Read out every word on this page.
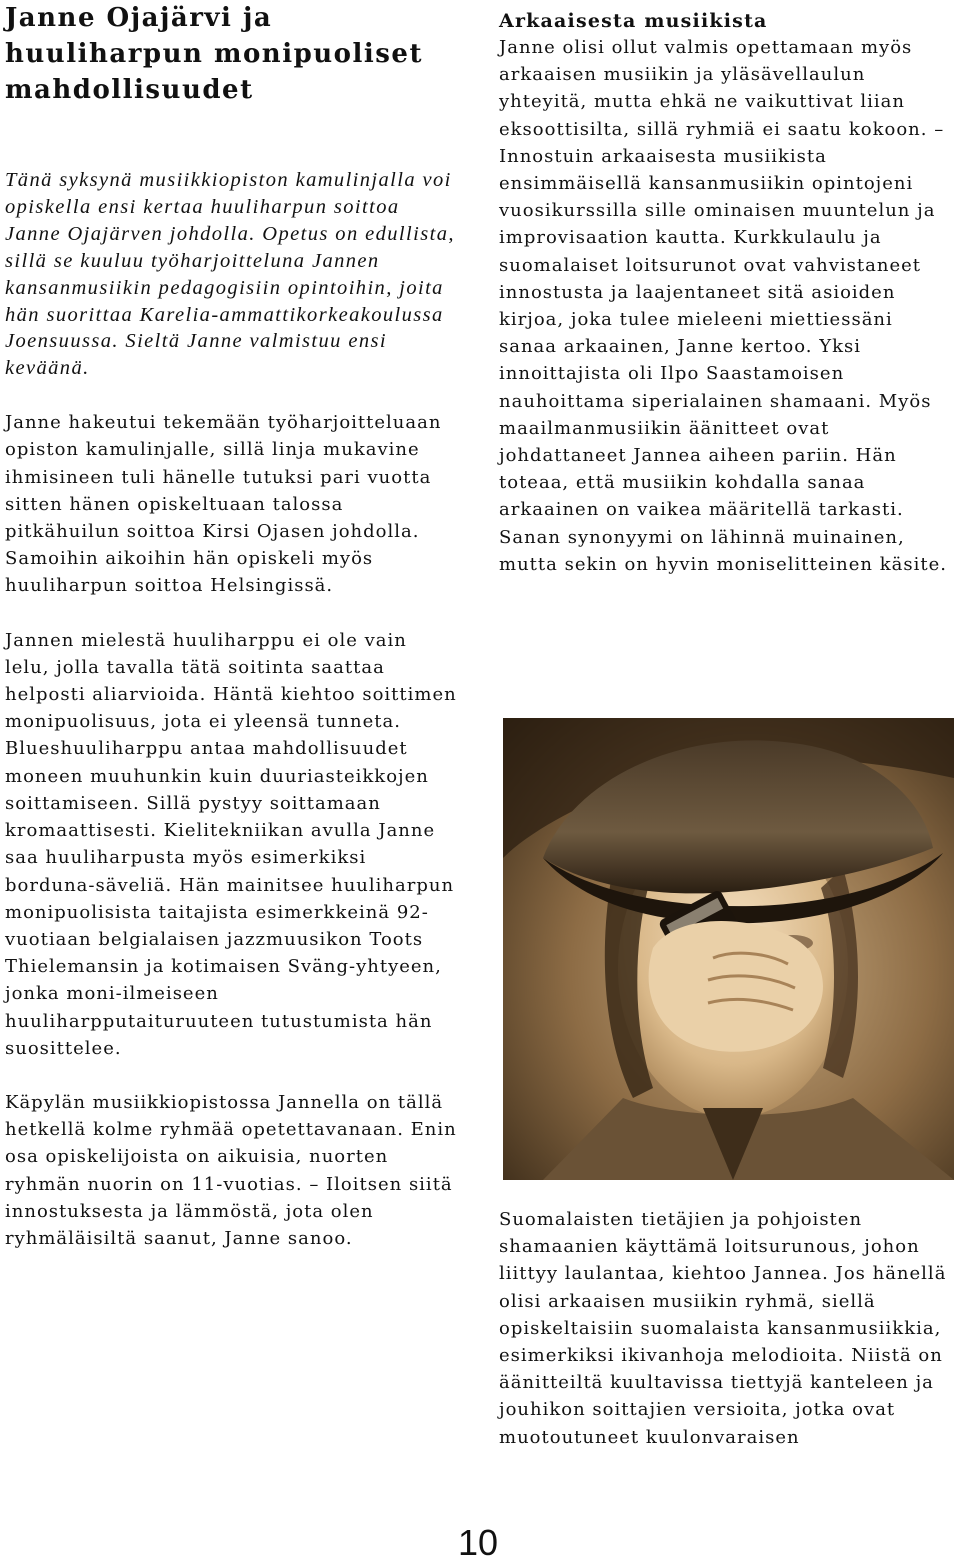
Janne Ojajärvi ja huuliharpun monipuoliset mahdollisuudet

Tänä syksynä musiikkiopiston kamulinjalla voi opiskella ensi kertaa huuliharpun soittoa Janne Ojajärven johdolla. Opetus on edullista, sillä se kuuluu työharjoitteluna Jannen kansanmusiikin pedagogisiin opintoihin, joita hän suorittaa Karelia-ammattikorkeakoulussa Joensuussa. Sieltä Janne valmistuu ensi keväänä.

Janne hakeutui tekemään työharjoitteluaan opiston kamulinjalle, sillä linja mukavine ihmisineen tuli hänelle tutuksi pari vuotta sitten hänen opiskeltuaan talossa pitkähuilun soittoa Kirsi Ojasen johdolla. Samoihin aikoihin hän opiskeli myös huuliharpun soittoa Helsingissä.

Jannen mielestä huuliharppu ei ole vain lelu, jolla tavalla tätä soitinta saattaa helposti aliarvioida. Häntä kiehtoo soittimen monipuolisuus, jota ei yleensä tunneta. Blueshuuliharppu antaa mahdollisuudet moneen muuhunkin kuin duuriasteikkojen soittamiseen. Sillä pystyy soittamaan kromaattisesti. Kielitekniikan avulla Janne saa huuliharpusta myös esimerkiksi borduna-säveliä. Hän mainitsee huuliharpun monipuolisista taitajista esimerkkeinä 92-vuotiaan belgialaisen jazzmuusikon Toots Thielemansin ja kotimaisen Sväng-yhtyeen, jonka moni-ilmeiseen huuliharpputaituruuteen tutustumista hän suosittelee.

Käpylän musiikkiopistossa Jannella on tällä hetkellä kolme ryhmää opetettavanaan. Enin osa opiskelijoista on aikuisia, nuorten ryhmän nuorin on 11-vuotias. – Iloitsen siitä innostuksesta ja lämmöstä, jota olen ryhmäläisiltä saanut, Janne sanoo.

Arkaaisesta musiikista

Janne olisi ollut valmis opettamaan myös arkaaisen musiikin ja yläsävellaulun yhteyitä, mutta ehkä ne vaikuttivat liian eksoottisilta, sillä ryhmiä ei saatu kokoon. – Innostuin arkaaisesta musiikista ensimmäisellä kansanmusiikin opintojeni vuosikurssilla sille ominaisen muuntelun ja improvisaation kautta. Kurkkulaulu ja suomalaiset loitsurunot ovat vahvistaneet innostusta ja laajentaneet sitä asioiden kirjoa, joka tulee mieleeni miettiessäni sanaa arkaainen, Janne kertoo. Yksi innoittajista oli Ilpo Saastamoisen nauhoittama siperialainen shamaani. Myös maailmanmusiikin äänitteet ovat johdattaneet Jannea aiheen pariin. Hän toteaa, että musiikin kohdalla sanaa arkaainen on vaikea määritellä tarkasti. Sanan synonyymi on lähinnä muinainen, mutta sekin on hyvin moniselitteinen käsite.

Suomalaisten tietäjien ja pohjoisten shamaanien käyttämä loitsurunous, johon liittyy laulantaa, kiehtoo Jannea. Jos hänellä olisi arkaaisen musiikin ryhmä, siellä opiskeltaisiin suomalaista kansanmusiikkia, esimerkiksi ikivanhoja melodioita. Niistä on äänitteiltä kuultavissa tiettyjä kanteleen ja jouhikon soittajien versioita, jotka ovat muotoutuneet kuulonvaraisen

10
